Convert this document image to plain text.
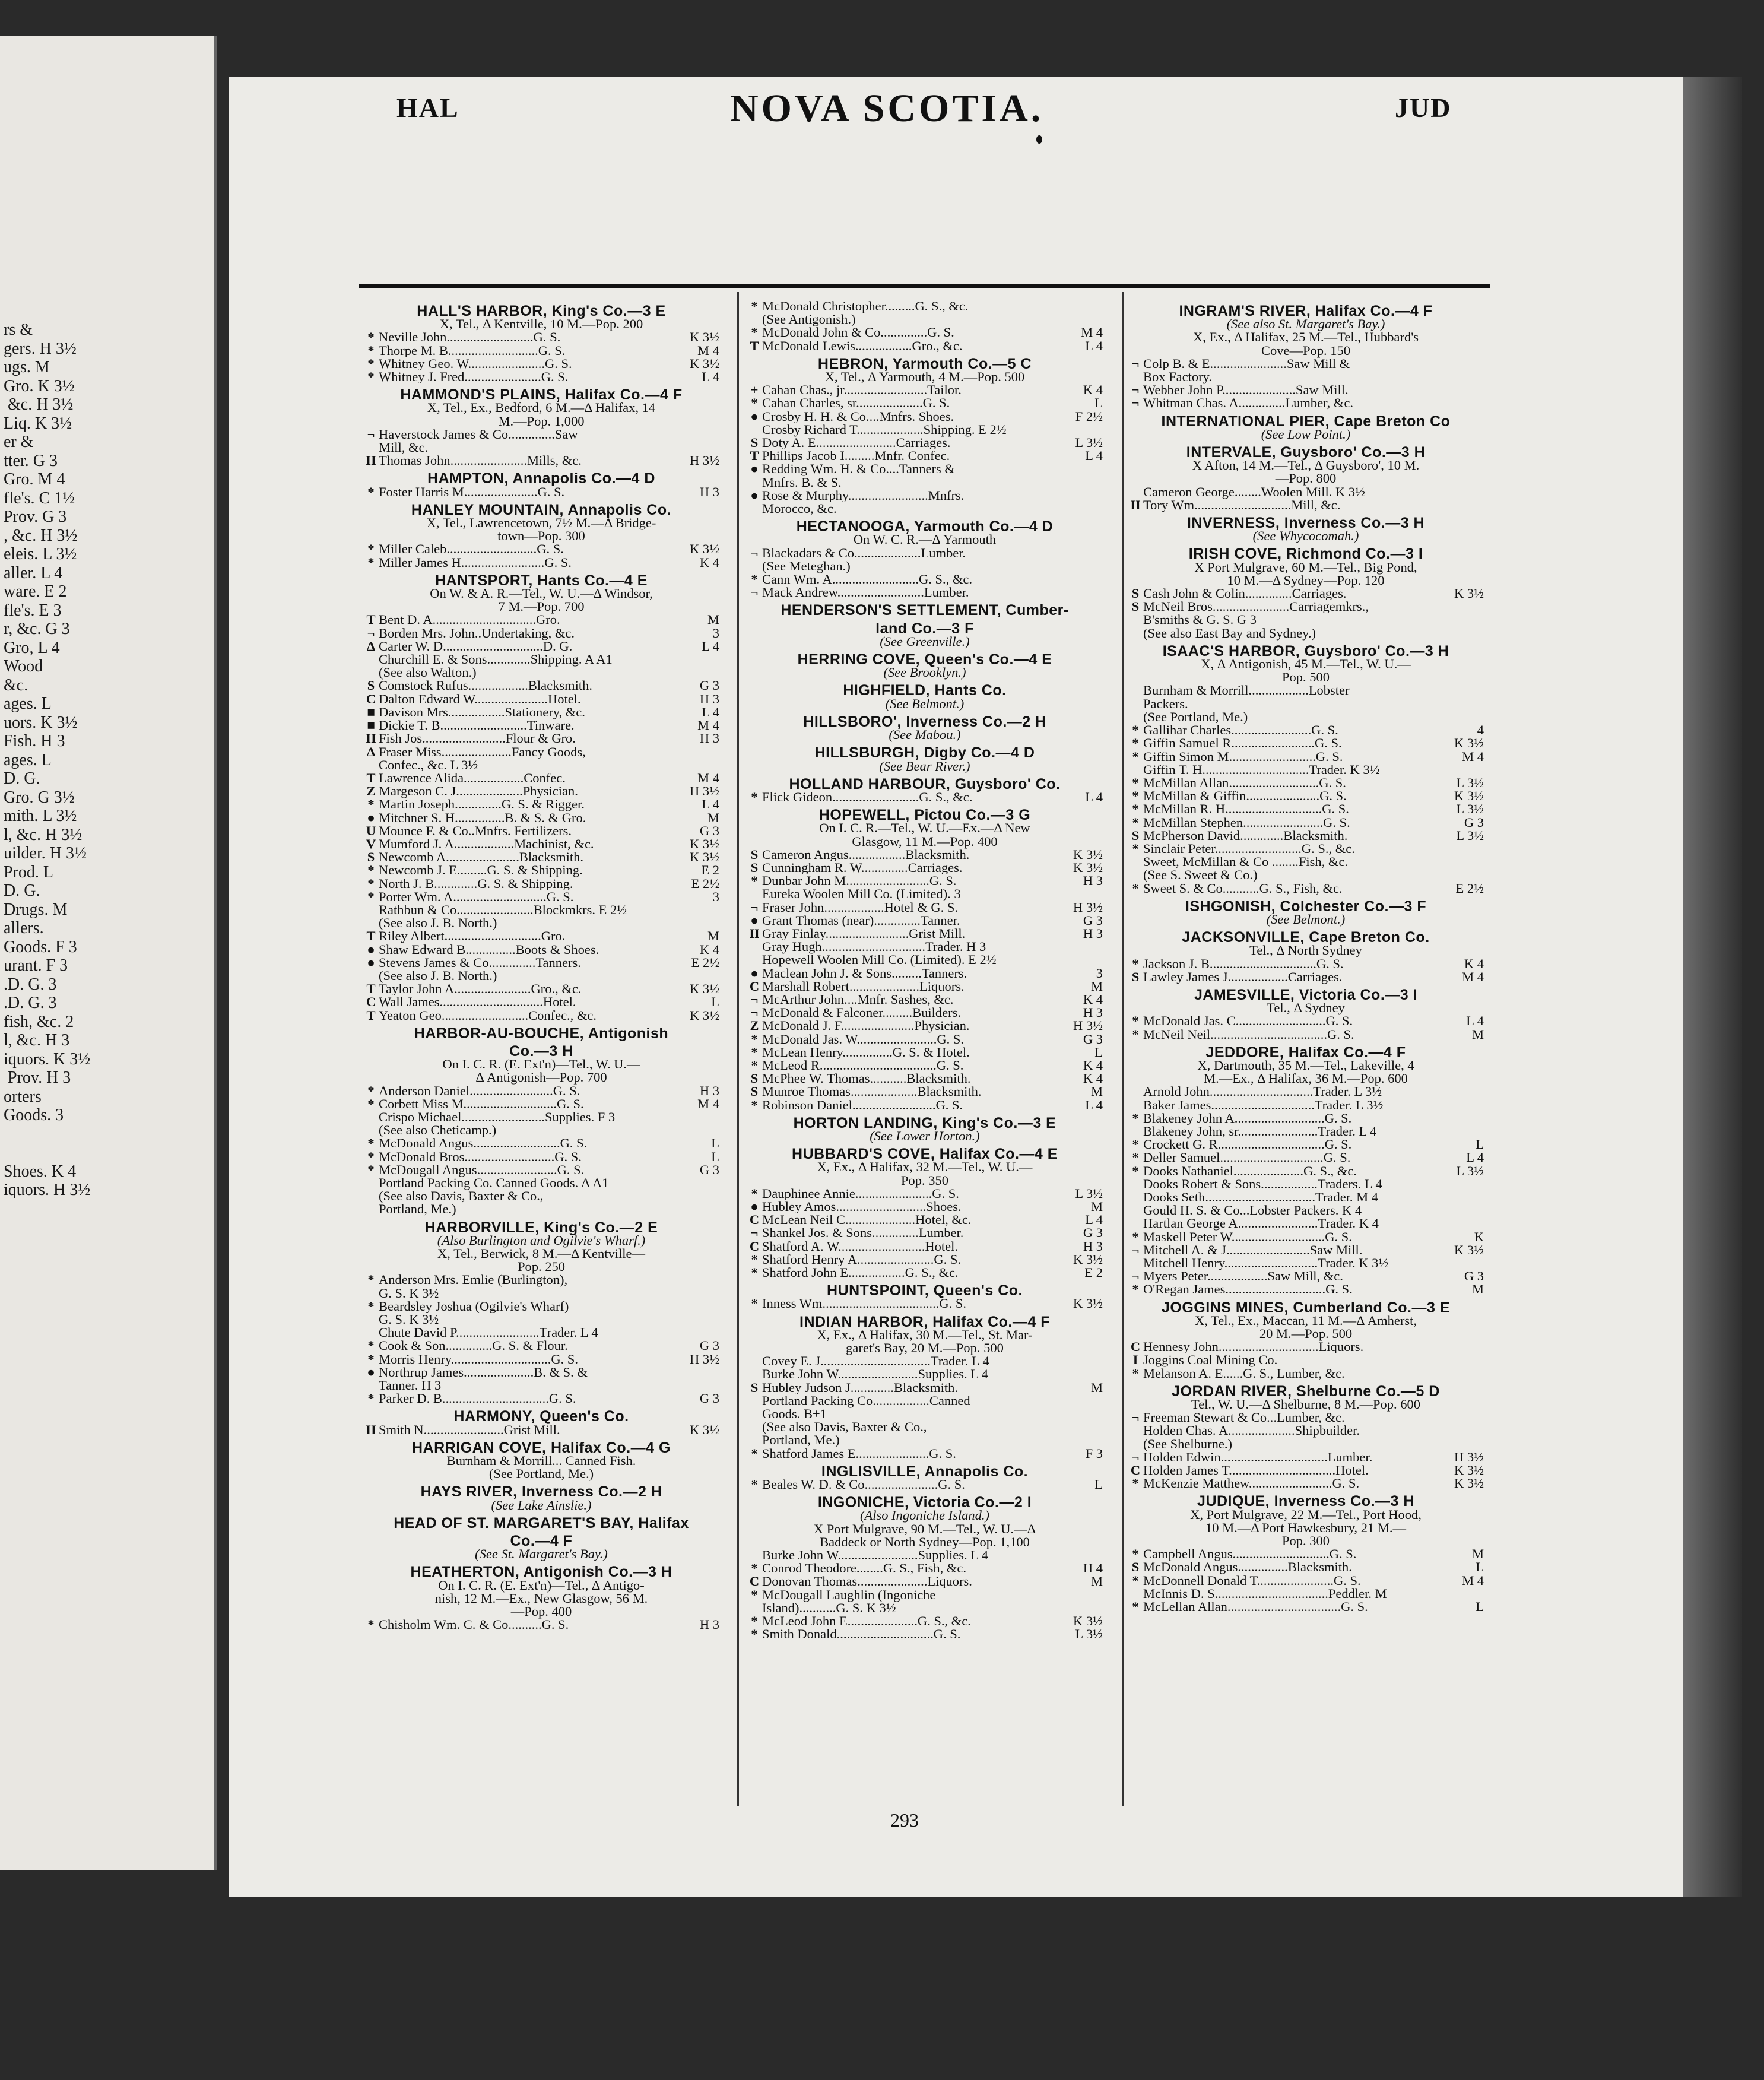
rs &
gers. H 3½
ugs. M
Gro. K 3½
&c. H 3½
Liq. K 3½
er &
tter. G 3
Gro. M 4
fle's. C 1½
Prov. G 3
, &c. H 3½
eleis. L 3½
aller. L 4
ware. E 2
fle's. E 3
r, &c. G 3
Gro, L 4
Wood
&c.
ages. L
uors. K 3½
Fish. H 3
ages. L
D. G.
Gro. G 3½
mith. L 3½
l, &c. H 3½
uilder. H 3½
Prod. L
D. G.
Drugs. M
allers.
Goods. F 3
urant. F 3
.D. G. 3
.D. G. 3
fish, &c. 2
l, &c. H 3
iquors. K 3½
Prov. H 3
orters
Goods. 3
Shoes. K 4
iquors. H 3½
HAL	NOVA SCOTIA.	JUD
HALL'S HARBOR, King's Co.—3 E
X, Tel., Δ Kentville, 10 M.—Pop. 200
* Neville John..........................G. S.	K 3½
* Thorpe M. B...........................G. S.	M 4
* Whitney Geo. W.......................G. S.	K 3½
* Whitney J. Fred.......................G. S.	L 4
HAMMOND'S PLAINS, Halifax Co.—4 F
X, Tel., Ex., Bedford, 6 M.—Δ Halifax, 14
M.—Pop. 1,000
¬ Haverstock James & Co..............Saw
Mill, &c.
II Thomas John.......................Mills, &c.	H 3½
HAMPTON, Annapolis Co.—4 D
* Foster Harris M......................G. S.	H 3
HANLEY MOUNTAIN, Annapolis Co.
X, Tel., Lawrencetown, 7½ M.—Δ Bridge-
town—Pop. 300
* Miller Caleb...........................G. S.	K 3½
* Miller James H.........................G. S.	K 4
HANTSPORT, Hants Co.—4 E
On W. & A. R.—Tel., W. U.—Δ Windsor,
7 M.—Pop. 700
T Bent D. A...............................Gro.	M
¬ Borden Mrs. John..Undertaking, &c.	3
Δ Carter W. D..............................D. G.	L 4
Churchill E. & Sons.............Shipping. A A1
(See also Walton.)
S Comstock Rufus..................Blacksmith.	G 3
C Dalton Edward W......................Hotel.	H 3
■ Davison Mrs.................Stationery, &c.	L 4
■ Dickie T. B..........................Tinware.	M 4
II Fish Jos.........................Flour & Gro.	H 3
Δ Fraser Miss.....................Fancy Goods,
Confec., &c. L 3½
T Lawrence Alida..................Confec.	M 4
Z Margeson C. J....................Physician.	H 3½
* Martin Joseph..............G. S. & Rigger.	L 4
● Mitchner S. H...............B. & S. & Gro.	M
U Mounce F. & Co..Mnfrs. Fertilizers.	G 3
V Mumford J. A..................Machinist, &c.	K 3½
S Newcomb A......................Blacksmith.	K 3½
* Newcomb J. E.........G. S. & Shipping.	E 2
* North J. B.............G. S. & Shipping.	E 2½
* Porter Wm. A............................G. S.	3
Rathbun & Co.......................Blockmkrs. E 2½
(See also J. B. North.)
T Riley Albert.............................Gro.	M
● Shaw Edward B...............Boots & Shoes.	K 4
● Stevens James & Co..............Tanners.	E 2½
(See also J. B. North.)
T Taylor John A.......................Gro., &c.	K 3½
C Wall James...............................Hotel.	L
T Yeaton Geo..........................Confec., &c.	K 3½
HARBOR-AU-BOUCHE, Antigonish
Co.—3 H
On I. C. R. (E. Ext'n)—Tel., W. U.—
Δ Antigonish—Pop. 700
* Anderson Daniel.........................G. S.	H 3
* Corbett Miss M............................G. S.	M 4
Crispo Michael.........................Supplies. F 3
(See also Cheticamp.)
* McDonald Angus..........................G. S.	L
* McDonald Bros...........................G. S.	L
* McDougall Angus........................G. S.	G 3
Portland Packing Co. Canned Goods. A A1
(See also Davis, Baxter & Co.,
Portland, Me.)
HARBORVILLE, King's Co.—2 E
(Also Burlington and Ogilvie's Wharf.)
X, Tel., Berwick, 8 M.—Δ Kentville—
Pop. 250
* Anderson Mrs. Emlie (Burlington),
G. S. K 3½
* Beardsley Joshua (Ogilvie's Wharf)
G. S. K 3½
Chute David P.........................Trader. L 4
* Cook & Son..............G. S. & Flour.	G 3
* Morris Henry..............................G. S.	H 3½
● Northrup James.....................B. & S. &
Tanner. H 3
* Parker D. B................................G. S.	G 3
HARMONY, Queen's Co.
II Smith N........................Grist Mill.	K 3½
HARRIGAN COVE, Halifax Co.—4 G
Burnham & Morrill... Canned Fish.
(See Portland, Me.)
HAYS RIVER, Inverness Co.—2 H
(See Lake Ainslie.)
HEAD OF ST. MARGARET'S BAY, Halifax
Co.—4 F
(See St. Margaret's Bay.)
HEATHERTON, Antigonish Co.—3 H
On I. C. R. (E. Ext'n)—Tel., Δ Antigo-
nish, 12 M.—Ex., New Glasgow, 56 M.
—Pop. 400
* Chisholm Wm. C. & Co..........G. S.	H 3
* McDonald Christopher.........G. S., &c.
(See Antigonish.)
* McDonald John & Co..............G. S.	M 4
T McDonald Lewis.................Gro., &c.	L 4
HEBRON, Yarmouth Co.—5 C
X, Tel., Δ Yarmouth, 4 M.—Pop. 500
+ Cahan Chas., jr.........................Tailor.	K 4
* Cahan Charles, sr....................G. S.	L
● Crosby H. H. & Co....Mnfrs. Shoes.	F 2½
Crosby Richard T....................Shipping. E 2½
S Doty A. E........................Carriages.	L 3½
T Phillips Jacob I.........Mnfr. Confec.	L 4
● Redding Wm. H. & Co....Tanners &
Mnfrs. B. & S.
● Rose & Murphy........................Mnfrs.
Morocco, &c.
HECTANOOGA, Yarmouth Co.—4 D
On W. C. R.—Δ Yarmouth
¬ Blackadars & Co....................Lumber.
(See Meteghan.)
* Cann Wm. A..........................G. S., &c.
¬ Mack Andrew..........................Lumber.
HENDERSON'S SETTLEMENT, Cumber-
land Co.—3 F
(See Greenville.)
HERRING COVE, Queen's Co.—4 E
(See Brooklyn.)
HIGHFIELD, Hants Co.
(See Belmont.)
HILLSBORO', Inverness Co.—2 H
(See Mabou.)
HILLSBURGH, Digby Co.—4 D
(See Bear River.)
HOLLAND HARBOUR, Guysboro' Co.
* Flick Gideon..........................G. S., &c.	L 4
HOPEWELL, Pictou Co.—3 G
On I. C. R.—Tel., W. U.—Ex.—Δ New
Glasgow, 11 M.—Pop. 400
S Cameron Angus.................Blacksmith.	K 3½
S Cunningham R. W..............Carriages.	K 3½
* Dunbar John M.........................G. S.	H 3
Eureka Woolen Mill Co. (Limited). 3
¬ Fraser John..................Hotel & G. S.	H 3½
● Grant Thomas (near)..............Tanner.	G 3
II Gray Finlay.........................Grist Mill.	H 3
Gray Hugh...............................Trader. H 3
Hopewell Woolen Mill Co. (Limited). E 2½
● Maclean John J. & Sons.........Tanners.	3
C Marshall Robert.....................Liquors.	M
¬ McArthur John....Mnfr. Sashes, &c.	K 4
¬ McDonald & Falconer.........Builders.	H 3
Z McDonald J. F......................Physician.	H 3½
* McDonald Jas. W........................G. S.	G 3
* McLean Henry...............G. S. & Hotel.	L
* McLeod R...................................G. S.	K 4
S McPhee W. Thomas...........Blacksmith.	K 4
S Munroe Thomas....................Blacksmith.	M
* Robinson Daniel.........................G. S.	L 4
HORTON LANDING, King's Co.—3 E
(See Lower Horton.)
HUBBARD'S COVE, Halifax Co.—4 E
X, Ex., Δ Halifax, 32 M.—Tel., W. U.—
Pop. 350
* Dauphinee Annie.......................G. S.	L 3½
● Hubley Amos...........................Shoes.	M
C McLean Neil C.....................Hotel, &c.	L 4
¬ Shankel Jos. & Sons..............Lumber.	G 3
C Shatford A. W..........................Hotel.	H 3
* Shatford Henry A.......................G. S.	K 3½
* Shatford John E.................G. S., &c.	E 2
HUNTSPOINT, Queen's Co.
* Inness Wm...................................G. S.	K 3½
INDIAN HARBOR, Halifax Co.—4 F
X, Ex., Δ Halifax, 30 M.—Tel., St. Mar-
garet's Bay, 20 M.—Pop. 500
Covey E. J.................................Trader. L 4
Burke John W........................Supplies. L 4
S Hubley Judson J.............Blacksmith.	M
Portland Packing Co.................Canned
Goods. B+1
(See also Davis, Baxter & Co.,
Portland, Me.)
* Shatford James E......................G. S.	F 3
INGLISVILLE, Annapolis Co.
* Beales W. D. & Co......................G. S.	L
INGONICHE, Victoria Co.—2 I
(Also Ingoniche Island.)
X Port Mulgrave, 90 M.—Tel., W. U.—Δ
Baddeck or North Sydney—Pop. 1,100
Burke John W........................Supplies. L 4
* Conrod Theodore........G. S., Fish, &c.	H 4
C Donovan Thomas.....................Liquors.	M
* McDougall Laughlin (Ingoniche
Island)...........G. S. K 3½
* McLeod John E.....................G. S., &c.	K 3½
* Smith Donald.............................G. S.	L 3½
INGRAM'S RIVER, Halifax Co.—4 F
(See also St. Margaret's Bay.)
X, Ex., Δ Halifax, 25 M.—Tel., Hubbard's
Cove—Pop. 150
¬ Colp B. & E.......................Saw Mill &
Box Factory.
¬ Webber John P......................Saw Mill.
¬ Whitman Chas. A..............Lumber, &c.
INTERNATIONAL PIER, Cape Breton Co
(See Low Point.)
INTERVALE, Guysboro' Co.—3 H
X Afton, 14 M.—Tel., Δ Guysboro', 10 M.
—Pop. 800
Cameron George........Woolen Mill. K 3½
II Tory Wm.............................Mill, &c.
INVERNESS, Inverness Co.—3 H
(See Whycocomah.)
IRISH COVE, Richmond Co.—3 I
X Port Mulgrave, 60 M.—Tel., Big Pond,
10 M.—Δ Sydney—Pop. 120
S Cash John & Colin..............Carriages.	K 3½
S McNeil Bros.......................Carriagemkrs.,
B'smiths & G. S. G 3
(See also East Bay and Sydney.)
ISAAC'S HARBOR, Guysboro' Co.—3 H
X, Δ Antigonish, 45 M.—Tel., W. U.—
Pop. 500
Burnham & Morrill..................Lobster
Packers.
(See Portland, Me.)
* Gallihar Charles........................G. S.	4
* Giffin Samuel R.........................G. S.	K 3½
* Giffin Simon M..........................G. S.	M 4
Giffin T. H................................Trader. K 3½
* McMillan Allan...........................G. S.	L 3½
* McMillan & Giffin......................G. S.	K 3½
* McMillan R. H.............................G. S.	L 3½
* McMillan Stephen........................G. S.	G 3
S McPherson David.............Blacksmith.	L 3½
* Sinclair Peter..........................G. S., &c.
Sweet, McMillan & Co ........Fish, &c.
(See S. Sweet & Co.)
* Sweet S. & Co...........G. S., Fish, &c.	E 2½
ISHGONISH, Colchester Co.—3 F
(See Belmont.)
JACKSONVILLE, Cape Breton Co.
Tel., Δ North Sydney
* Jackson J. B................................G. S.	K 4
S Lawley James J..................Carriages.	M 4
JAMESVILLE, Victoria Co.—3 I
Tel., Δ Sydney
* McDonald Jas. C...........................G. S.	L 4
* McNeil Neil...................................G. S.	M
JEDDORE, Halifax Co.—4 F
X, Dartmouth, 35 M.—Tel., Lakeville, 4
M.—Ex., Δ Halifax, 36 M.—Pop. 600
Arnold John...............................Trader. L 3½
Baker James...............................Trader. L 3½
* Blakeney John A...........................G. S.
Blakeney John, sr........................Trader. L 4
* Crockett G. R................................G. S.	L
* Deller Samuel...............................G. S.	L 4
* Dooks Nathaniel.....................G. S., &c.	L 3½
Dooks Robert & Sons.................Traders. L 4
Dooks Seth.................................Trader. M 4
Gould H. S. & Co...Lobster Packers. K 4
Hartlan George A........................Trader. K 4
* Maskell Peter W............................G. S.	K
¬ Mitchell A. & J.........................Saw Mill.	K 3½
Mitchell Henry............................Trader. K 3½
¬ Myers Peter..................Saw Mill, &c.	G 3
* O'Regan James..............................G. S.	M
JOGGINS MINES, Cumberland Co.—3 E
X, Tel., Ex., Maccan, 11 M.—Δ Amherst,
20 M.—Pop. 500
C Hennesy John..............................Liquors.
I Joggins Coal Mining Co.
* Melanson A. E......G. S., Lumber, &c.
JORDAN RIVER, Shelburne Co.—5 D
Tel., W. U.—Δ Shelburne, 8 M.—Pop. 600
¬ Freeman Stewart & Co...Lumber, &c.
Holden Chas. A....................Shipbuilder.
(See Shelburne.)
¬ Holden Edwin................................Lumber.	H 3½
C Holden James T................................Hotel.	K 3½
* McKenzie Matthew.........................G. S.	K 3½
JUDIQUE, Inverness Co.—3 H
X, Port Mulgrave, 22 M.—Tel., Port Hood,
10 M.—Δ Port Hawkesbury, 21 M.—
Pop. 300
* Campbell Angus.............................G. S.	M
S McDonald Angus...............Blacksmith.	L
* McDonnell Donald T.......................G. S.	M 4
McInnis D. S..................................Peddler. M
* McLellan Allan..................................G. S.	L
293
